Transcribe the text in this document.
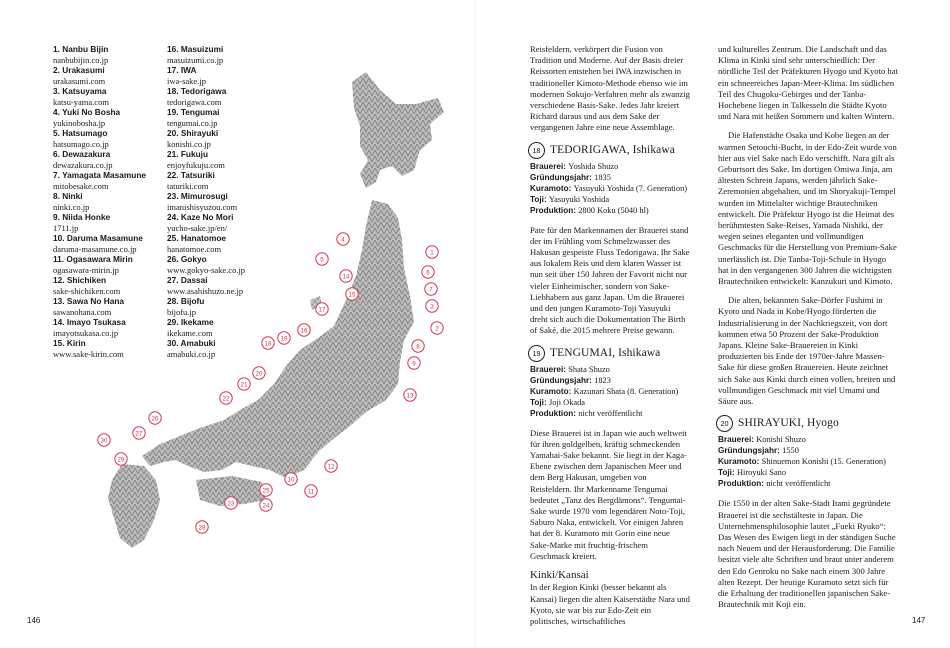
1
2
3
4
5
6
7
8
9
10
11
12
13
14
15
16
17
18
19
20
21
22
23	24
25
26
27
28
29
30
1. Nanbu Bijin
nanbubijin.co.jp
2. Urakasumi
urakasumi.com
3. Katsuyama
katsu-yama.com
4. Yuki No Bosha
yukinobosha.jp
5. Hatsumago
hatsumago.co.jp
6. Dewazakura
dewazakura.co.jp
7. Yamagata Masamune
mitobesake.com
8. Ninki
ninki.co.jp
9. Niida Honke
1711.jp
10. Daruma Masamune
daruma-masamune.co.jp
11. Ogasawara Mirin
ogasawara-mirin.jp
12. Shichiken
sake-shichiken.com
13. Sawa No Hana
sawanohana.com
14. Imayo Tsukasa
imayotsukasa.co.jp
15. Kirin
www.sake-kirin.com
16. Masuizumi
masuizumi.co.jp
17. IWA
iwa-sake.jp
18. Tedorigawa
tedorigawa.com
19. Tengumai
tengumai.co.jp
20. Shirayuki
konishi.co.jp
21. Fukuju
enjoyfukuju.com
22. Tatsuriki
taturiki.com
23. Mimurosugi
imanishisyuzou.com
24. Kaze No Mori
yucho-sake.jp/en/
25. Hanatomoe
hanatomoe.com
26. Gokyo
www.gokyo-sake.co.jp
27. Dassai
www.asahishuzo.ne.jp
28. Bijofu
bijofu.jp
29. Ikekame
ikekame.com
30. Amabuki
amabuki.co.jp
146

Reisfeldern, verkörpert die Fusion von Tradition und Moderne. Auf der Basis dreier Reissorten entstehen bei IWA inzwischen in traditioneller Kimoto-Methode ebenso wie im modernen Sokujo-Verfahren mehr als zwanzig verschiedene Basis-Sake. Jedes Jahr kreiert Richard daraus und aus dem Sake der vergangenen Jahre eine neue Assemblage.

18 TEDORIGAWA, Ishikawa
Brauerei: Yoshida Shuzo
Gründungsjahr: 1835
Kuramoto: Yasuyuki Yoshida (7. Generation)
Toji: Yasuyuki Yoshida
Produktion: 2800 Koku (5040 hl)

Pate für den Markennamen der Brauerei stand der im Frühling vom Schmelzwasser des Hakusan gespeiste Fluss Tedorigawa. Ihr Sake aus lokalem Reis und dem klaren Wasser ist nun seit über 150 Jahren der Favorit nicht nur vieler Einheimischer, sondern von Sake-Liebhabern aus ganz Japan. Um die Brauerei und den jungen Kuramoto-Toji Yasuyuki dreht sich auch die Dokumentation The Birth of Saké, die 2015 mehrere Preise gewann.

19 TENGUMAI, Ishikawa
Brauerei: Shata Shuzo
Gründungsjahr: 1823
Kuramoto: Kazunari Shata (8. Generation)
Toji: Joji Okada
Produktion: nicht veröffentlicht

Diese Brauerei ist in Japan wie auch weltweit für ihren goldgelben, kräftig schmeckenden Yamahai-Sake bekannt. Sie liegt in der Kaga-Ebene zwischen dem Japanischen Meer und dem Berg Hakusan, umgeben von Reisfeldern. Ihr Markenname Tengumai bedeutet „Tanz des Bergdämons“. Tengumai-Sake wurde 1970 vom legendären Noto-Toji, Saburo Naka, entwickelt. Vor einigen Jahren hat der 8. Kuramoto mit Gorin eine neue Sake-Marke mit fruchtig-frischem Geschmack kreiert.

Kinki/Kansai

In der Region Kinki (besser bekannt als Kansai) liegen die alten Kaiserstädte Nara und Kyoto, sie war bis zur Edo-Zeit ein politisches, wirtschaftliches

und kulturelles Zentrum. Die Landschaft und das Klima in Kinki sind sehr unterschiedlich: Der nördliche Teil der Präfekturen Hyogo und Kyoto hat ein schneereiches Japan-Meer-Klima. Im südlichen Teil des Chugoku-Gebirges und der Tanba-Hochebene liegen in Talkesseln die Städte Kyoto und Nara mit heißen Sommern und kalten Wintern.

Die Hafenstädte Osaka und Kobe liegen an der warmen Setouchi-Bucht, in der Edo-Zeit wurde von hier aus viel Sake nach Edo verschifft. Nara gilt als Geburtsort des Sake. Im dortigen Omiwa Jinja, am ältesten Schrein Japans, werden jährlich Sake-Zeremonien abgehalten, und im Shoryakuji-Tempel wurden im Mittelalter wichtige Brautechniken entwickelt. Die Präfektur Hyogo ist die Heimat des berühmtesten Sake-Reises, Yamada Nishiki, der wegen seines eleganten und vollmundigen Geschmacks für die Herstellung von Premium-Sake unerlässlich ist. Die Tanba-Toji-Schule in Hyogo hat in den vergangenen 300 Jahren die wichtigsten Brautechniken entwickelt: Kanzukuri und Kimoto.

Die alten, bekannten Sake-Dörfer Fushimi in Kyoto und Nada in Kobe/Hyogo förderten die Industrialisierung in der Nachkriegszeit, von dort kommen etwa 50 Prozent der Sake-Produktion Japans. Kleine Sake-Brauereien in Kinki produzierten bis Ende der 1970er-Jahre Massen-Sake für diese großen Brauereien. Heute zeichnet sich Sake aus Kinki durch einen vollen, breiten und vollmundigen Geschmack mit viel Umami und Säure aus.

20 SHIRAYUKI, Hyogo
Brauerei: Konishi Shuzo
Gründungsjahr: 1550
Kuramoto: Shinuemon Konishi (15. Generation)
Toji: Hiroyuki Sano
Produktion: nicht veröffentlicht

Die 1550 in der alten Sake-Stadt Itami gegründete Brauerei ist die sechstälteste in Japan. Die Unternehmensphilosophie lautet „Fueki Ryuko“: Das Wesen des Ewigen liegt in der ständigen Suche nach Neuem und der Herausforderung. Die Familie besitzt viele alte Schriften und braut unter anderem den Edo Genroku no Sake nach einem 300 Jahre alten Rezept. Der heutige Kuramoto setzt sich für die Erhaltung der traditionellen japanischen Sake-Brautechnik mit Koji ein.

147
